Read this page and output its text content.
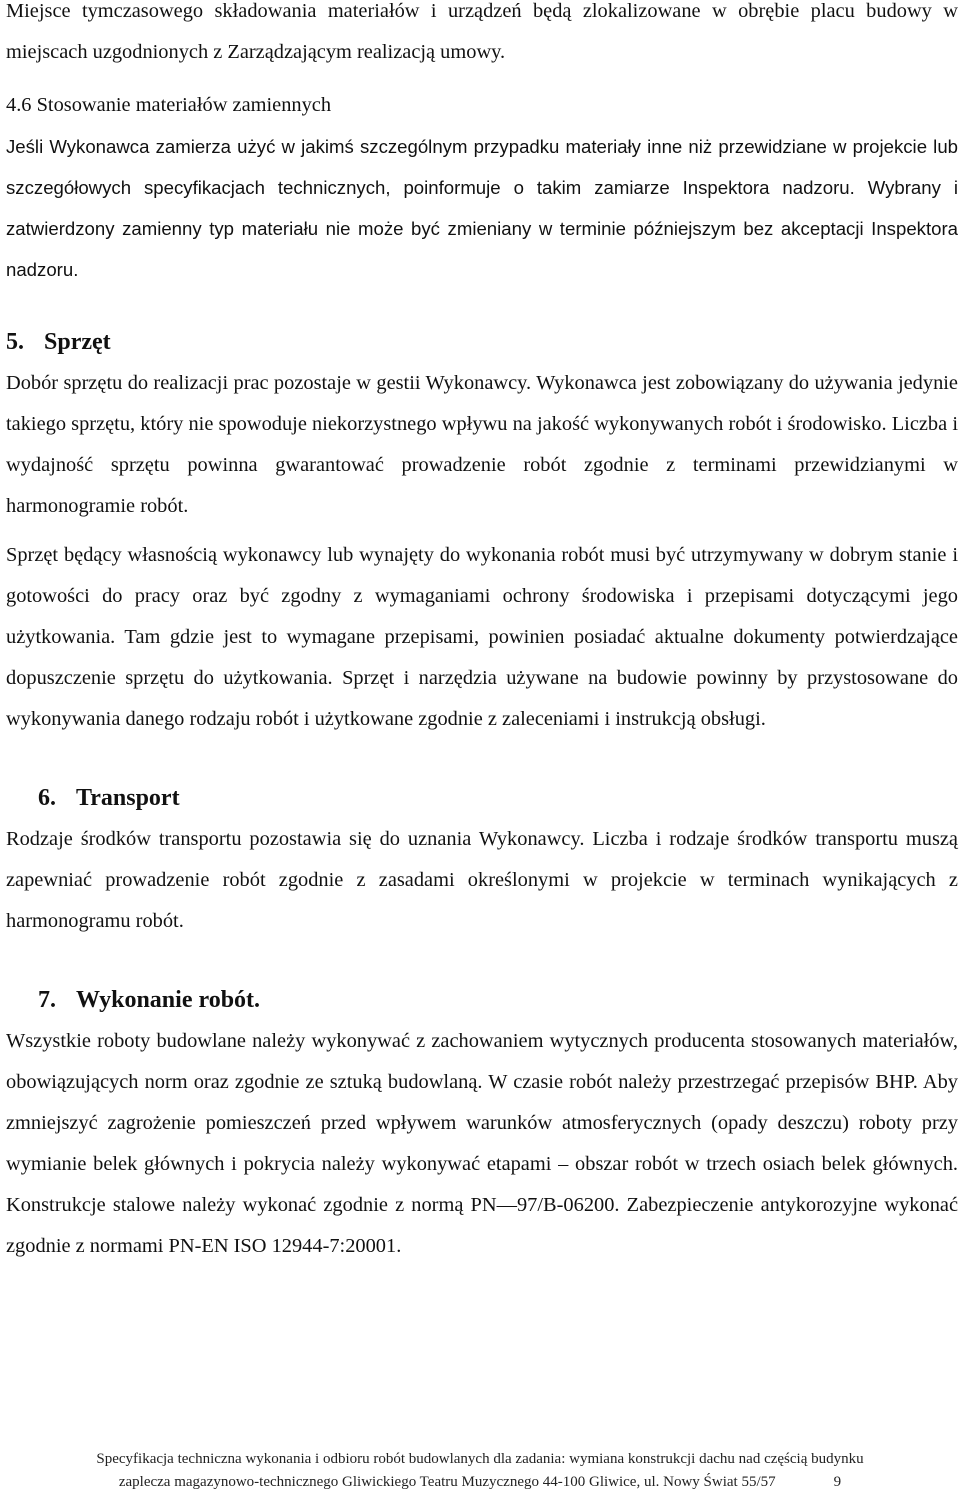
Miejsce tymczasowego składowania materiałów i urządzeń będą zlokalizowane w obrębie placu budowy w miejscach uzgodnionych z Zarządzającym realizacją umowy.

4.6 Stosowanie materiałów zamiennych

Jeśli Wykonawca zamierza użyć w jakimś szczególnym przypadku materiały inne niż przewidziane w projekcie lub szczegółowych specyfikacjach technicznych, poinformuje o takim zamiarze Inspektora nadzoru. Wybrany i zatwierdzony zamienny typ materiału nie może być zmieniany w terminie późniejszym bez akceptacji Inspektora nadzoru.

5. Sprzęt

Dobór sprzętu do realizacji prac pozostaje w gestii Wykonawcy. Wykonawca jest zobowiązany do używania jedynie takiego sprzętu, który nie spowoduje niekorzystnego wpływu na jakość wykonywanych robót i środowisko. Liczba i wydajność sprzętu powinna gwarantować prowadzenie robót zgodnie z terminami przewidzianymi w harmonogramie robót.

Sprzęt będący własnością wykonawcy lub wynajęty do wykonania robót musi być utrzymywany w dobrym stanie i gotowości do pracy oraz być zgodny z wymaganiami ochrony środowiska i przepisami dotyczącymi jego użytkowania. Tam gdzie jest to wymagane przepisami, powinien posiadać aktualne dokumenty potwierdzające dopuszczenie sprzętu do użytkowania. Sprzęt i narzędzia używane na budowie powinny by przystosowane do wykonywania danego rodzaju robót i użytkowane zgodnie z zaleceniami i instrukcją obsługi.

6. Transport

Rodzaje środków transportu pozostawia się do uznania Wykonawcy. Liczba i rodzaje środków transportu muszą zapewniać prowadzenie robót zgodnie z zasadami określonymi w projekcie w terminach wynikających z harmonogramu robót.

7. Wykonanie robót.

Wszystkie roboty budowlane należy wykonywać z zachowaniem wytycznych producenta stosowanych materiałów, obowiązujących norm oraz zgodnie ze sztuką budowlaną. W czasie robót należy przestrzegać przepisów BHP. Aby zmniejszyć zagrożenie pomieszczeń przed wpływem warunków atmosferycznych (opady deszczu) roboty przy wymianie belek głównych i pokrycia należy wykonywać etapami – obszar robót w trzech osiach belek głównych. Konstrukcje stalowe należy wykonać zgodnie z normą PN—97/B-06200. Zabezpieczenie antykorozyjne wykonać zgodnie z normami PN-EN ISO 12944-7:20001.

Specyfikacja techniczna wykonania i odbioru robót budowlanych dla zadania: wymiana konstrukcji dachu nad częścią budynku
zaplecza magazynowo-technicznego Gliwickiego Teatru Muzycznego 44-100 Gliwice, ul. Nowy Świat 55/57	9
